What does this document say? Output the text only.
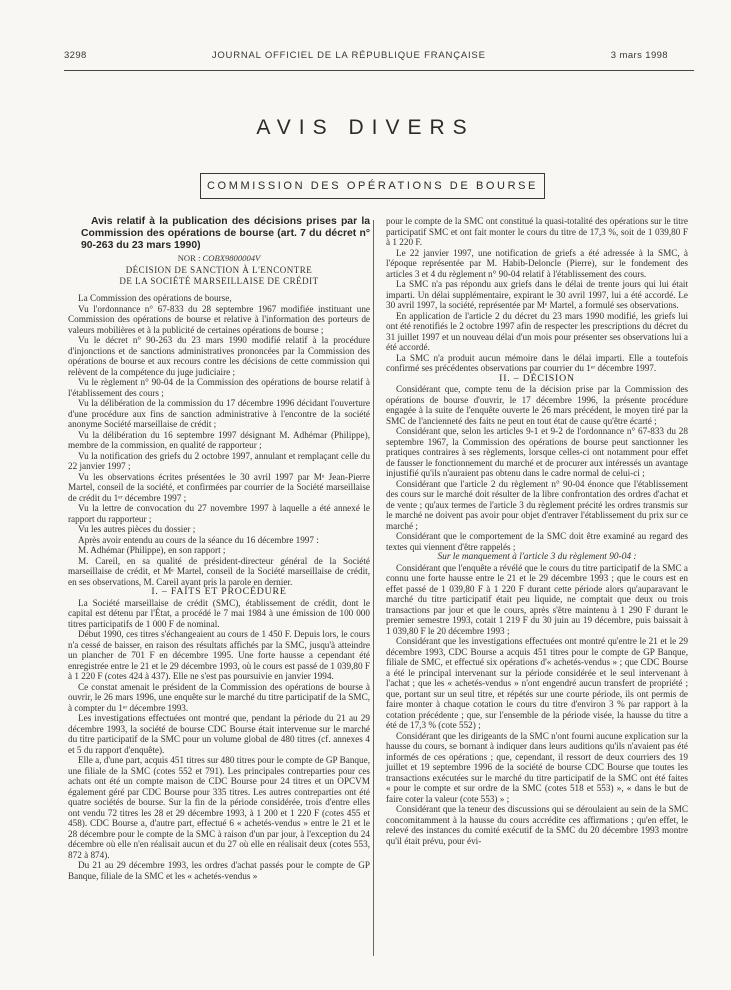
3298	JOURNAL OFFICIEL DE LA RÉPUBLIQUE FRANÇAISE	3 mars 1998
AVIS DIVERS
COMMISSION DES OPÉRATIONS DE BOURSE

Avis relatif à la publication des décisions prises par la Commission des opérations de bourse (art. 7 du décret n° 90-263 du 23 mars 1990)

NOR : COBX9800004V

DÉCISION DE SANCTION À L'ENCONTRE

DE LA SOCIÉTÉ MARSEILLAISE DE CRÉDIT

La Commission des opérations de bourse,

Vu l'ordonnance n° 67-833 du 28 septembre 1967 modifiée instituant une Commission des opérations de bourse et relative à l'information des porteurs de valeurs mobilières et à la publicité de certaines opérations de bourse ;

Vu le décret n° 90-263 du 23 mars 1990 modifié relatif à la procédure d'injonctions et de sanctions administratives prononcées par la Commission des opérations de bourse et aux recours contre les décisions de cette commission qui relèvent de la compétence du juge judiciaire ;

Vu le règlement n° 90-04 de la Commission des opérations de bourse relatif à l'établissement des cours ;

Vu la délibération de la commission du 17 décembre 1996 décidant l'ouverture d'une procédure aux fins de sanction administrative à l'encontre de la société anonyme Société marseillaise de crédit ;

Vu la délibération du 16 septembre 1997 désignant M. Adhémar (Philippe), membre de la commission, en qualité de rapporteur ;

Vu la notification des griefs du 2 octobre 1997, annulant et remplaçant celle du 22 janvier 1997 ;

Vu les observations écrites présentées le 30 avril 1997 par Mᵉ Jean-Pierre Martel, conseil de la société, et confirmées par courrier de la Société marseillaise de crédit du 1ᵉʳ décembre 1997 ;

Vu la lettre de convocation du 27 novembre 1997 à laquelle a été annexé le rapport du rapporteur ;

Vu les autres pièces du dossier ;

Après avoir entendu au cours de la séance du 16 décembre 1997 :

M. Adhémar (Philippe), en son rapport ;

M. Careil, en sa qualité de président-directeur général de la Société marseillaise de crédit, et Mᵉ Martel, conseil de la Société marseillaise de crédit, en ses observations, M. Careil ayant pris la parole en dernier.

I. – FAITS ET PROCÉDURE

La Société marseillaise de crédit (SMC), établissement de crédit, dont le capital est détenu par l'État, a procédé le 7 mai 1984 à une émission de 100 000 titres participatifs de 1 000 F de nominal.

Début 1990, ces titres s'échangeaient au cours de 1 450 F. Depuis lors, le cours n'a cessé de baisser, en raison des résultats affichés par la SMC, jusqu'à atteindre un plancher de 701 F en décembre 1995. Une forte hausse a cependant été enregistrée entre le 21 et le 29 décembre 1993, où le cours est passé de 1 039,80 F à 1 220 F (cotes 424 à 437). Elle ne s'est pas poursuivie en janvier 1994.

Ce constat amenait le président de la Commission des opérations de bourse à ouvrir, le 26 mars 1996, une enquête sur le marché du titre participatif de la SMC, à compter du 1ᵉʳ décembre 1993.

Les investigations effectuées ont montré que, pendant la période du 21 au 29 décembre 1993, la société de bourse CDC Bourse était intervenue sur le marché du titre participatif de la SMC pour un volume global de 480 titres (cf. annexes 4 et 5 du rapport d'enquête).

Elle a, d'une part, acquis 451 titres sur 480 titres pour le compte de GP Banque, une filiale de la SMC (cotes 552 et 791). Les principales contreparties pour ces achats ont été un compte maison de CDC Bourse pour 24 titres et un OPCVM également géré par CDC Bourse pour 335 titres. Les autres contreparties ont été quatre sociétés de bourse. Sur la fin de la période considérée, trois d'entre elles ont vendu 72 titres les 28 et 29 décembre 1993, à 1 200 et 1 220 F (cotes 455 et 458). CDC Bourse a, d'autre part, effectué 6 « achetés-vendus » entre le 21 et le 28 décembre pour le compte de la SMC à raison d'un par jour, à l'exception du 24 décembre où elle n'en réalisait aucun et du 27 où elle en réalisait deux (cotes 553, 872 à 874).

Du 21 au 29 décembre 1993, les ordres d'achat passés pour le compte de GP Banque, filiale de la SMC et les « achetés-vendus »

pour le compte de la SMC ont constitué la quasi-totalité des opérations sur le titre participatif SMC et ont fait monter le cours du titre de 17,3 %, soit de 1 039,80 F à 1 220 F.

Le 22 janvier 1997, une notification de griefs a été adressée à la SMC, à l'époque représentée par M. Habib-Deloncle (Pierre), sur le fondement des articles 3 et 4 du règlement n° 90-04 relatif à l'établissement des cours.

La SMC n'a pas répondu aux griefs dans le délai de trente jours qui lui était imparti. Un délai supplémentaire, expirant le 30 avril 1997, lui a été accordé. Le 30 avril 1997, la société, représentée par Mᵉ Martel, a formulé ses observations.

En application de l'article 2 du décret du 23 mars 1990 modifié, les griefs lui ont été renotifiés le 2 octobre 1997 afin de respecter les prescriptions du décret du 31 juillet 1997 et un nouveau délai d'un mois pour présenter ses observations lui a été accordé.

La SMC n'a produit aucun mémoire dans le délai imparti. Elle a toutefois confirmé ses précédentes observations par courrier du 1ᵉʳ décembre 1997.

II. – DÉCISION

Considérant que, compte tenu de la décision prise par la Commission des opérations de bourse d'ouvrir, le 17 décembre 1996, la présente procédure engagée à la suite de l'enquête ouverte le 26 mars précédent, le moyen tiré par la SMC de l'ancienneté des faits ne peut en tout état de cause qu'être écarté ;

Considérant que, selon les articles 9-1 et 9-2 de l'ordonnance n° 67-833 du 28 septembre 1967, la Commission des opérations de bourse peut sanctionner les pratiques contraires à ses règlements, lorsque celles-ci ont notamment pour effet de fausser le fonctionnement du marché et de procurer aux intéressés un avantage injustifié qu'ils n'auraient pas obtenu dans le cadre normal de celui-ci ;

Considérant que l'article 2 du règlement n° 90-04 énonce que l'établissement des cours sur le marché doit résulter de la libre confrontation des ordres d'achat et de vente ; qu'aux termes de l'article 3 du règlement précité les ordres transmis sur le marché ne doivent pas avoir pour objet d'entraver l'établissement du prix sur ce marché ;

Considérant que le comportement de la SMC doit être examiné au regard des textes qui viennent d'être rappelés ;

Sur le manquement à l'article 3 du règlement 90-04 :

Considérant que l'enquête a révélé que le cours du titre participatif de la SMC a connu une forte hausse entre le 21 et le 29 décembre 1993 ; que le cours est en effet passé de 1 039,80 F à 1 220 F durant cette période alors qu'auparavant le marché du titre participatif était peu liquide, ne comptait que deux ou trois transactions par jour et que le cours, après s'être maintenu à 1 290 F durant le premier semestre 1993, cotait 1 219 F du 30 juin au 19 décembre, puis baissait à 1 039,80 F le 20 décembre 1993 ;

Considérant que les investigations effectuées ont montré qu'entre le 21 et le 29 décembre 1993, CDC Bourse a acquis 451 titres pour le compte de GP Banque, filiale de SMC, et effectué six opérations d'« achetés-vendus » ; que CDC Bourse a été le principal intervenant sur la période considérée et le seul intervenant à l'achat ; que les « achetés-vendus » n'ont engendré aucun transfert de propriété ; que, portant sur un seul titre, et répétés sur une courte période, ils ont permis de faire monter à chaque cotation le cours du titre d'environ 3 % par rapport à la cotation précédente ; que, sur l'ensemble de la période visée, la hausse du titre a été de 17,3 % (cote 552) ;

Considérant que les dirigeants de la SMC n'ont fourni aucune explication sur la hausse du cours, se bornant à indiquer dans leurs auditions qu'ils n'avaient pas été informés de ces opérations ; que, cependant, il ressort de deux courriers des 19 juillet et 19 septembre 1996 de la société de bourse CDC Bourse que toutes les transactions exécutées sur le marché du titre participatif de la SMC ont été faites « pour le compte et sur ordre de la SMC (cotes 518 et 553) », « dans le but de faire coter la valeur (cote 553) » ;

Considérant que la teneur des discussions qui se déroulaient au sein de la SMC concomitamment à la hausse du cours accrédite ces affirmations ; qu'en effet, le relevé des instances du comité exécutif de la SMC du 20 décembre 1993 montre qu'il était prévu, pour évi-
